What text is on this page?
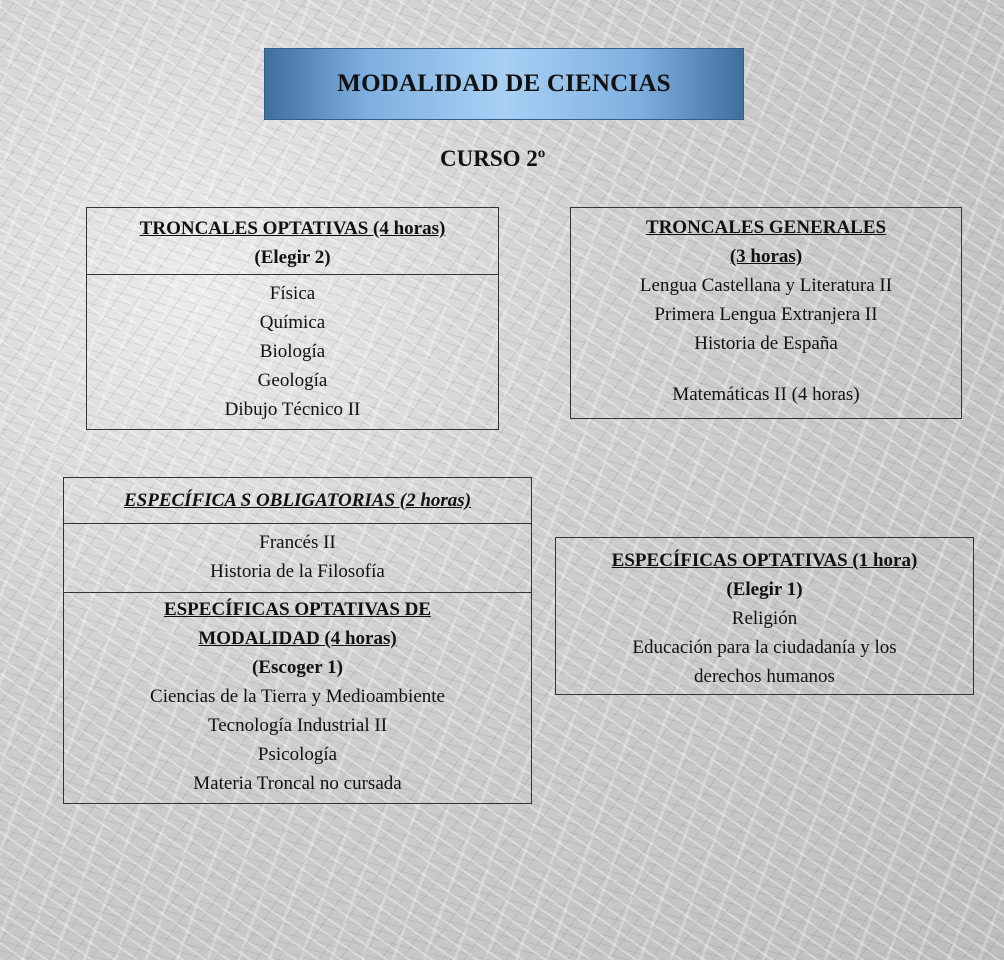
MODALIDAD DE CIENCIAS
CURSO 2º
TRONCALES OPTATIVAS (4 horas)
(Elegir 2)
Física
Química
Biología
Geología
Dibujo Técnico II
TRONCALES GENERALES
(3 horas)
Lengua Castellana y Literatura II
Primera Lengua Extranjera II
Historia de España
Matemáticas II (4 horas)
ESPECÍFICA S OBLIGATORIAS (2 horas)
Francés II
Historia de la Filosofía
ESPECÍFICAS OPTATIVAS DE
MODALIDAD (4 horas)
(Escoger 1)
Ciencias de la Tierra y Medioambiente
Tecnología Industrial II
Psicología
Materia Troncal no cursada
ESPECÍFICAS OPTATIVAS (1 hora)
(Elegir 1)
Religión
Educación para la ciudadanía y los
derechos humanos
